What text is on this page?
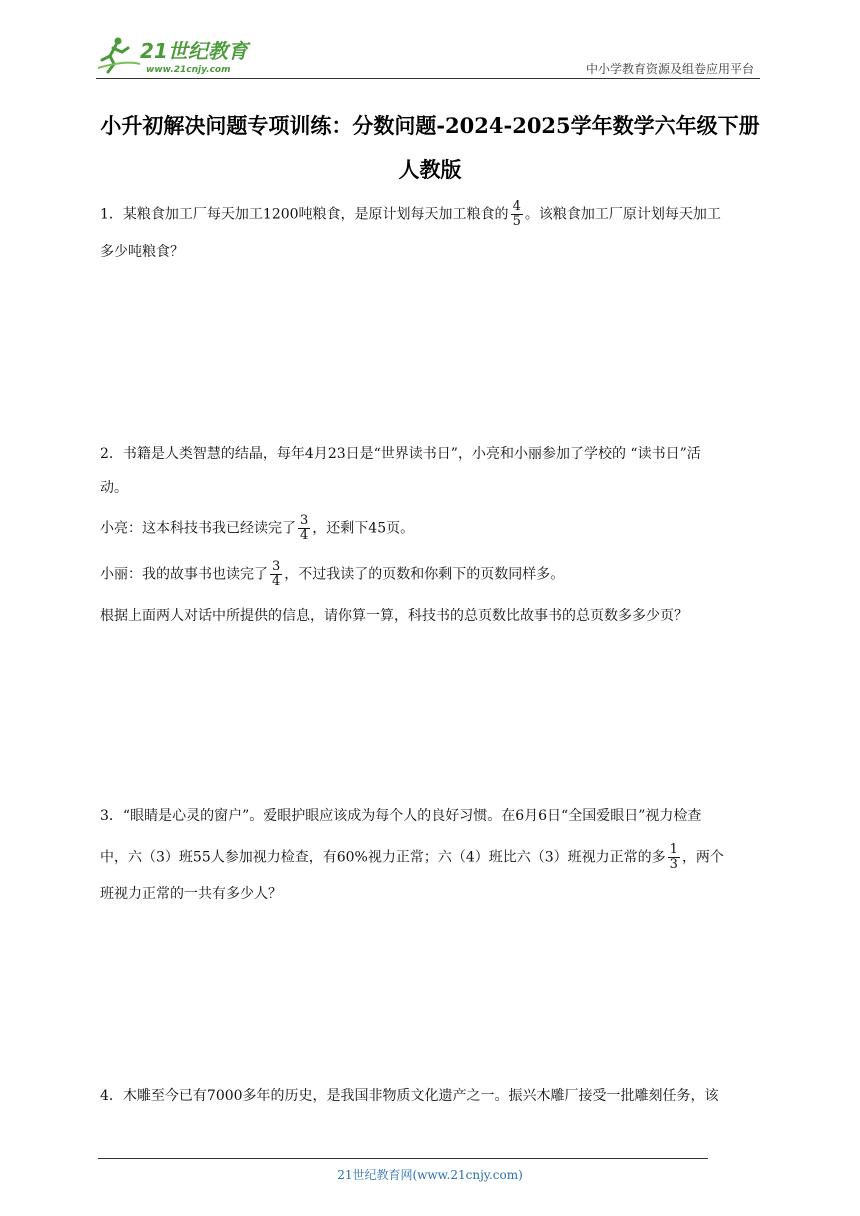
21世纪教育
www.21cnjy.com	中小学教育资源及组卷应用平台
小升初解决问题专项训练：分数问题-2024-2025学年数学六年级下册
人教版
1．某粮食加工厂每天加工1200吨粮食，是原计划每天加工粮食的 $\frac{4}{5}$ 。该粮食加工厂原计划每天加工
多少吨粮食？
2．书籍是人类智慧的结晶，每年4月23日是“世界读书日”，小亮和小丽参加了学校的 “读书日”活
动。
小亮：这本科技书我已经读完了 $\frac{3}{4}$ ，还剩下45页。
小丽：我的故事书也读完了 $\frac{3}{4}$ ，不过我读了的页数和你剩下的页数同样多。
根据上面两人对话中所提供的信息，请你算一算，科技书的总页数比故事书的总页数多多少页？
3．“眼睛是心灵的窗户”。爱眼护眼应该成为每个人的良好习惯。在6月6日“全国爱眼日”视力检查
中，六（3）班55人参加视力检查，有60%视力正常；六（4）班比六（3）班视力正常的多 $\frac{1}{3}$ ，两个
班视力正常的一共有多少人？
4．木雕至今已有7000多年的历史，是我国非物质文化遗产之一。振兴木雕厂接受一批雕刻任务，该
21世纪教育网(www.21cnjy.com)
